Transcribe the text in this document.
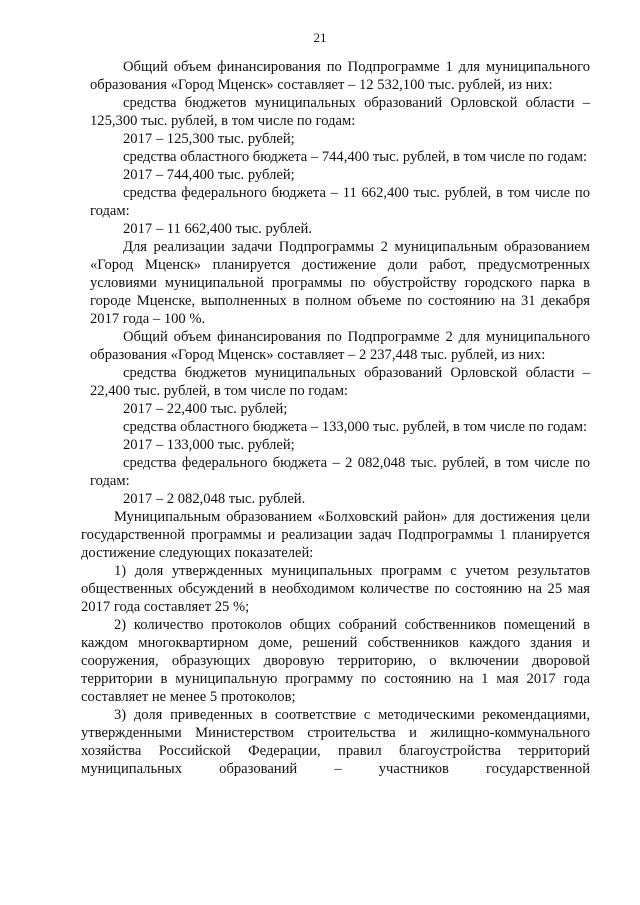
21

Общий объем финансирования по Подпрограмме 1 для муниципального образования «Город Мценск» составляет – 12 532,100 тыс. рублей, из них:

средства бюджетов муниципальных образований Орловской области – 125,300 тыс. рублей, в том числе по годам:

2017 – 125,300 тыс. рублей;

средства областного бюджета – 744,400 тыс. рублей, в том числе по годам:

2017 – 744,400 тыс. рублей;

средства федерального бюджета – 11 662,400 тыс. рублей, в том числе по годам:

2017 – 11 662,400 тыс. рублей.

Для реализации задачи Подпрограммы 2 муниципальным образованием «Город Мценск» планируется достижение доли работ, предусмотренных условиями муниципальной программы по обустройству городского парка в городе Мценске, выполненных в полном объеме по состоянию на 31 декабря 2017 года – 100 %.

Общий объем финансирования по Подпрограмме 2 для муниципального образования «Город Мценск» составляет – 2 237,448 тыс. рублей, из них:

средства бюджетов муниципальных образований Орловской области – 22,400 тыс. рублей, в том числе по годам:

2017 – 22,400 тыс. рублей;

средства областного бюджета – 133,000 тыс. рублей, в том числе по годам:

2017 – 133,000 тыс. рублей;

средства федерального бюджета – 2 082,048 тыс. рублей, в том числе по годам:

2017 – 2 082,048 тыс. рублей.

Муниципальным образованием «Болховский район» для достижения цели государственной программы и реализации задач Подпрограммы 1 планируется достижение следующих показателей:

1) доля утвержденных муниципальных программ с учетом результатов общественных обсуждений в необходимом количестве по состоянию на 25 мая 2017 года составляет 25 %;

2) количество протоколов общих собраний собственников помещений в каждом многоквартирном доме, решений собственников каждого здания и сооружения, образующих дворовую территорию, о включении дворовой территории в муниципальную программу по состоянию на 1 мая 2017 года составляет не менее 5 протоколов;

3) доля приведенных в соответствие с методическими рекомендациями, утвержденными Министерством строительства и жилищно-коммунального хозяйства Российской Федерации, правил благоустройства территорий муниципальных образований – участников государственной
